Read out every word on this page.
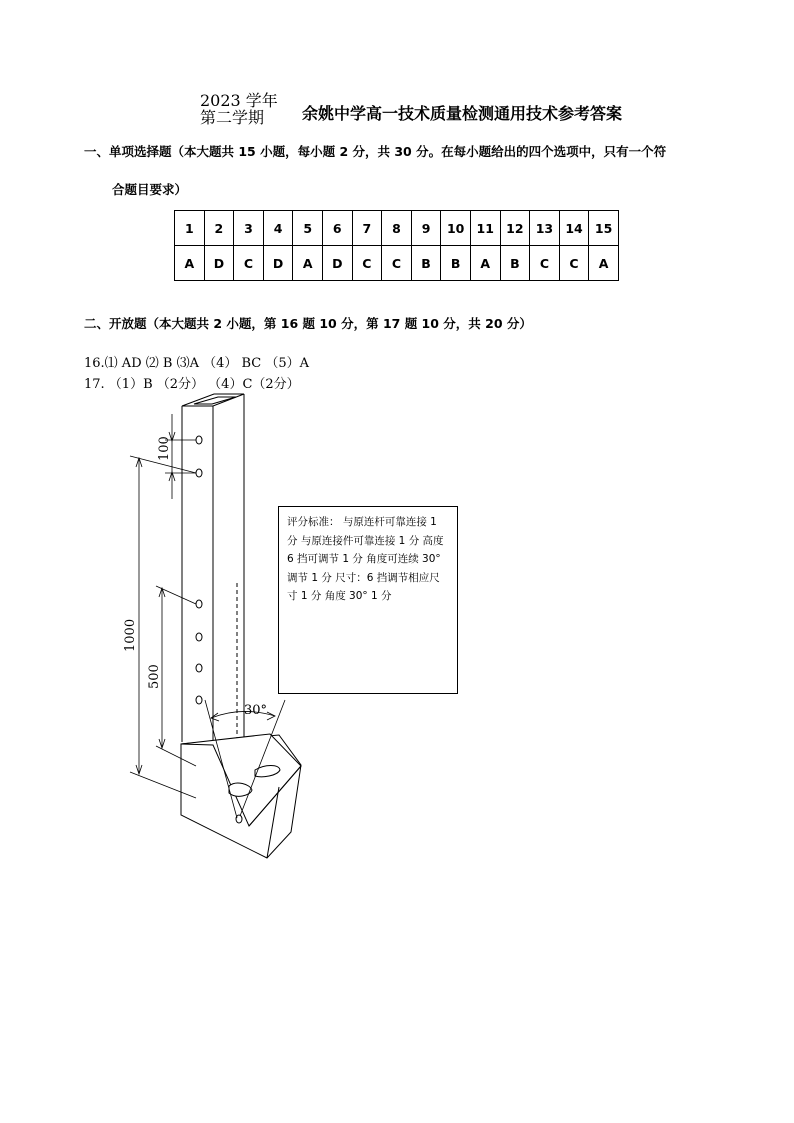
2023 学年
第二学期 余姚中学高一技术质量检测通用技术参考答案
一、单项选择题（本大题共 15 小题，每小题 2 分，共 30 分。在每小题给出的四个选项中，只有一个符
合题目要求）
1	2	3	4	5	6	7	8	9	10	11	12	13	14	15
A	D	C	D	A	D	C	C	B	B	A	B	C	C	A
二、开放题（本大题共 2 小题，第 16 题 10 分，第 17 题 10 分，共 20 分）
16.⑴ AD ⑵ B ⑶A （4） BC （5）A
17. （1）B （2分） （4）C（2分）
30°
100
1000
500
评分标准： 与原连杆可靠连接 1 分 与原连接件可靠连接 1 分 高度 6 挡可调节 1 分 角度可连续 30°调节 1 分 尺寸：6 挡调节相应尺寸 1 分 角度 30° 1 分
